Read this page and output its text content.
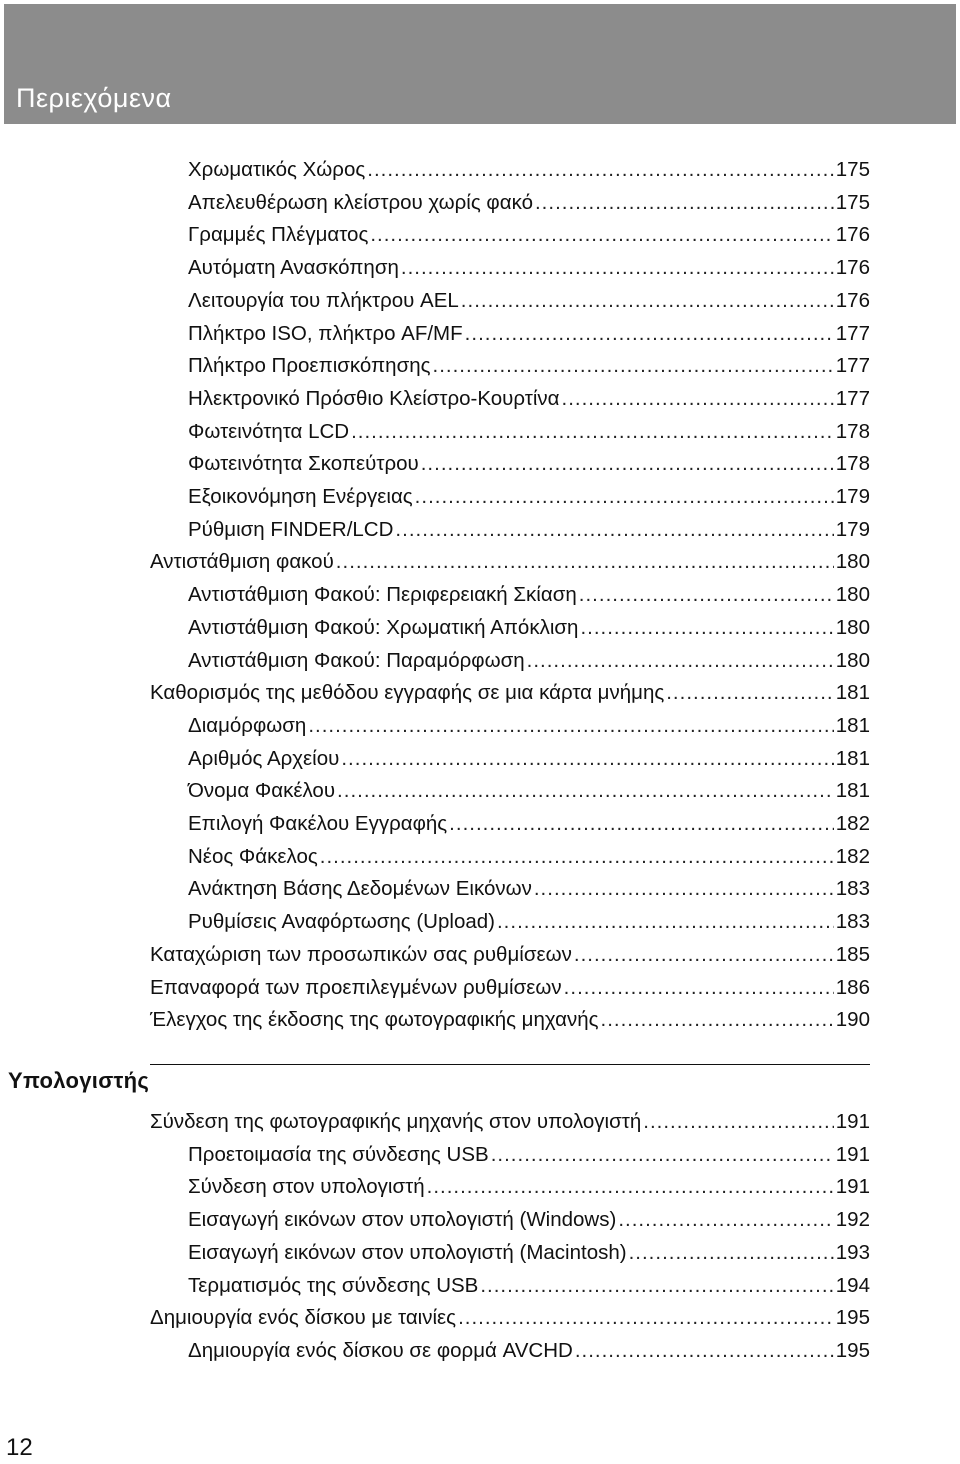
Περιεχόμενα
Χρωματικός Χώρος .....	175
Απελευθέρωση κλείστρου χωρίς φακό .....	175
Γραμμές Πλέγματος .....	176
Αυτόματη Ανασκόπηση .....	176
Λειτουργία του πλήκτρου AEL .....	176
Πλήκτρο ISO, πλήκτρο AF/MF .....	177
Πλήκτρο Προεπισκόπησης .....	177
Ηλεκτρονικό Πρόσθιο Κλείστρο-Κουρτίνα .....	177
Φωτεινότητα LCD .....	178
Φωτεινότητα Σκοπεύτρου .....	178
Εξοικονόμηση Ενέργειας .....	179
Ρύθμιση FINDER/LCD .....	179
Αντιστάθμιση φακού .....	180
Αντιστάθμιση Φακού: Περιφερειακή Σκίαση .....	180
Αντιστάθμιση Φακού: Χρωματική Απόκλιση .....	180
Αντιστάθμιση Φακού: Παραμόρφωση .....	180
Καθορισμός της μεθόδου εγγραφής σε μια κάρτα μνήμης .....	181
Διαμόρφωση .....	181
Αριθμός Αρχείου .....	181
Όνομα Φακέλου .....	181
Επιλογή Φακέλου Εγγραφής .....	182
Νέος Φάκελος .....	182
Ανάκτηση Βάσης Δεδομένων Εικόνων .....	183
Ρυθμίσεις Αναφόρτωσης (Upload) .....	183
Καταχώριση των προσωπικών σας ρυθμίσεων .....	185
Επαναφορά των προεπιλεγμένων ρυθμίσεων .....	186
Έλεγχος της έκδοσης της φωτογραφικής μηχανής .....	190
Υπολογιστής
Σύνδεση της φωτογραφικής μηχανής στον υπολογιστή .....	191
Προετοιμασία της σύνδεσης USB .....	191
Σύνδεση στον υπολογιστή .....	191
Εισαγωγή εικόνων στον υπολογιστή (Windows) .....	192
Εισαγωγή εικόνων στον υπολογιστή (Macintosh) .....	193
Τερματισμός της σύνδεσης USB .....	194
Δημιουργία ενός δίσκου με ταινίες .....	195
Δημιουργία ενός δίσκου σε φορμά AVCHD .....	195
12
